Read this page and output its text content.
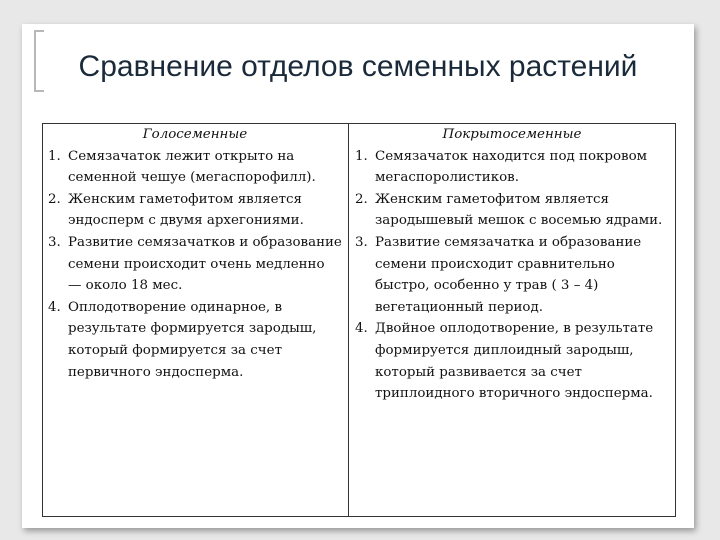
Сравнение отделов семенных растений
Голосеменные
1. Семязачаток лежит открыто на семенной чешуе (мегаспорофилл).
2. Женским гаметофитом является эндосперм с двумя архегониями.
3. Развитие семязачатков и образование семени происходит очень медленно — около 18 мес.
4. Оплодотворение одинарное, в результате формируется зародыш, который формируется за счет первичного эндосперма.
Покрытосеменные
1. Семязачаток находится под покровом мегаспоролистиков.
2. Женским гаметофитом является зародышевый мешок с восемью ядрами.
3. Развитие семязачатка и образование семени происходит сравнительно быстро, особенно у трав ( 3 – 4) вегетационный период.
4. Двойное оплодотворение, в результате формируется диплоидный зародыш, который развивается за счет триплоидного вторичного эндосперма.
